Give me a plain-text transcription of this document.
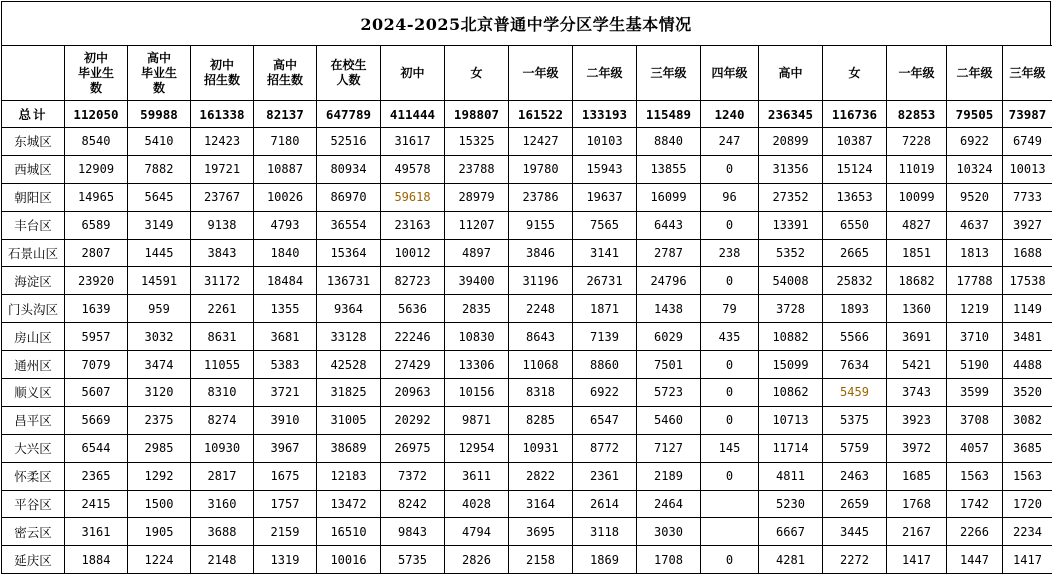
2024-2025北京普通中学分区学生基本情况
	初中
毕业生
数	高中
毕业生
数	初中
招生数	高中
招生数	在校生
人数	初中	女	一年级	二年级	三年级	四年级	高中	女	一年级	二年级	三年级
总计	112050	59988	161338	82137	647789	411444	198807	161522	133193	115489	1240	236345	116736	82853	79505	73987
东城区	8540	5410	12423	7180	52516	31617	15325	12427	10103	8840	247	20899	10387	7228	6922	6749
西城区	12909	7882	19721	10887	80934	49578	23788	19780	15943	13855	0	31356	15124	11019	10324	10013
朝阳区	14965	5645	23767	10026	86970	59618	28979	23786	19637	16099	96	27352	13653	10099	9520	7733
丰台区	6589	3149	9138	4793	36554	23163	11207	9155	7565	6443	0	13391	6550	4827	4637	3927
石景山区	2807	1445	3843	1840	15364	10012	4897	3846	3141	2787	238	5352	2665	1851	1813	1688
海淀区	23920	14591	31172	18484	136731	82723	39400	31196	26731	24796	0	54008	25832	18682	17788	17538
门头沟区	1639	959	2261	1355	9364	5636	2835	2248	1871	1438	79	3728	1893	1360	1219	1149
房山区	5957	3032	8631	3681	33128	22246	10830	8643	7139	6029	435	10882	5566	3691	3710	3481
通州区	7079	3474	11055	5383	42528	27429	13306	11068	8860	7501	0	15099	7634	5421	5190	4488
顺义区	5607	3120	8310	3721	31825	20963	10156	8318	6922	5723	0	10862	5459	3743	3599	3520
昌平区	5669	2375	8274	3910	31005	20292	9871	8285	6547	5460	0	10713	5375	3923	3708	3082
大兴区	6544	2985	10930	3967	38689	26975	12954	10931	8772	7127	145	11714	5759	3972	4057	3685
怀柔区	2365	1292	2817	1675	12183	7372	3611	2822	2361	2189	0	4811	2463	1685	1563	1563
平谷区	2415	1500	3160	1757	13472	8242	4028	3164	2614	2464		5230	2659	1768	1742	1720
密云区	3161	1905	3688	2159	16510	9843	4794	3695	3118	3030		6667	3445	2167	2266	2234
延庆区	1884	1224	2148	1319	10016	5735	2826	2158	1869	1708	0	4281	2272	1417	1447	1417
